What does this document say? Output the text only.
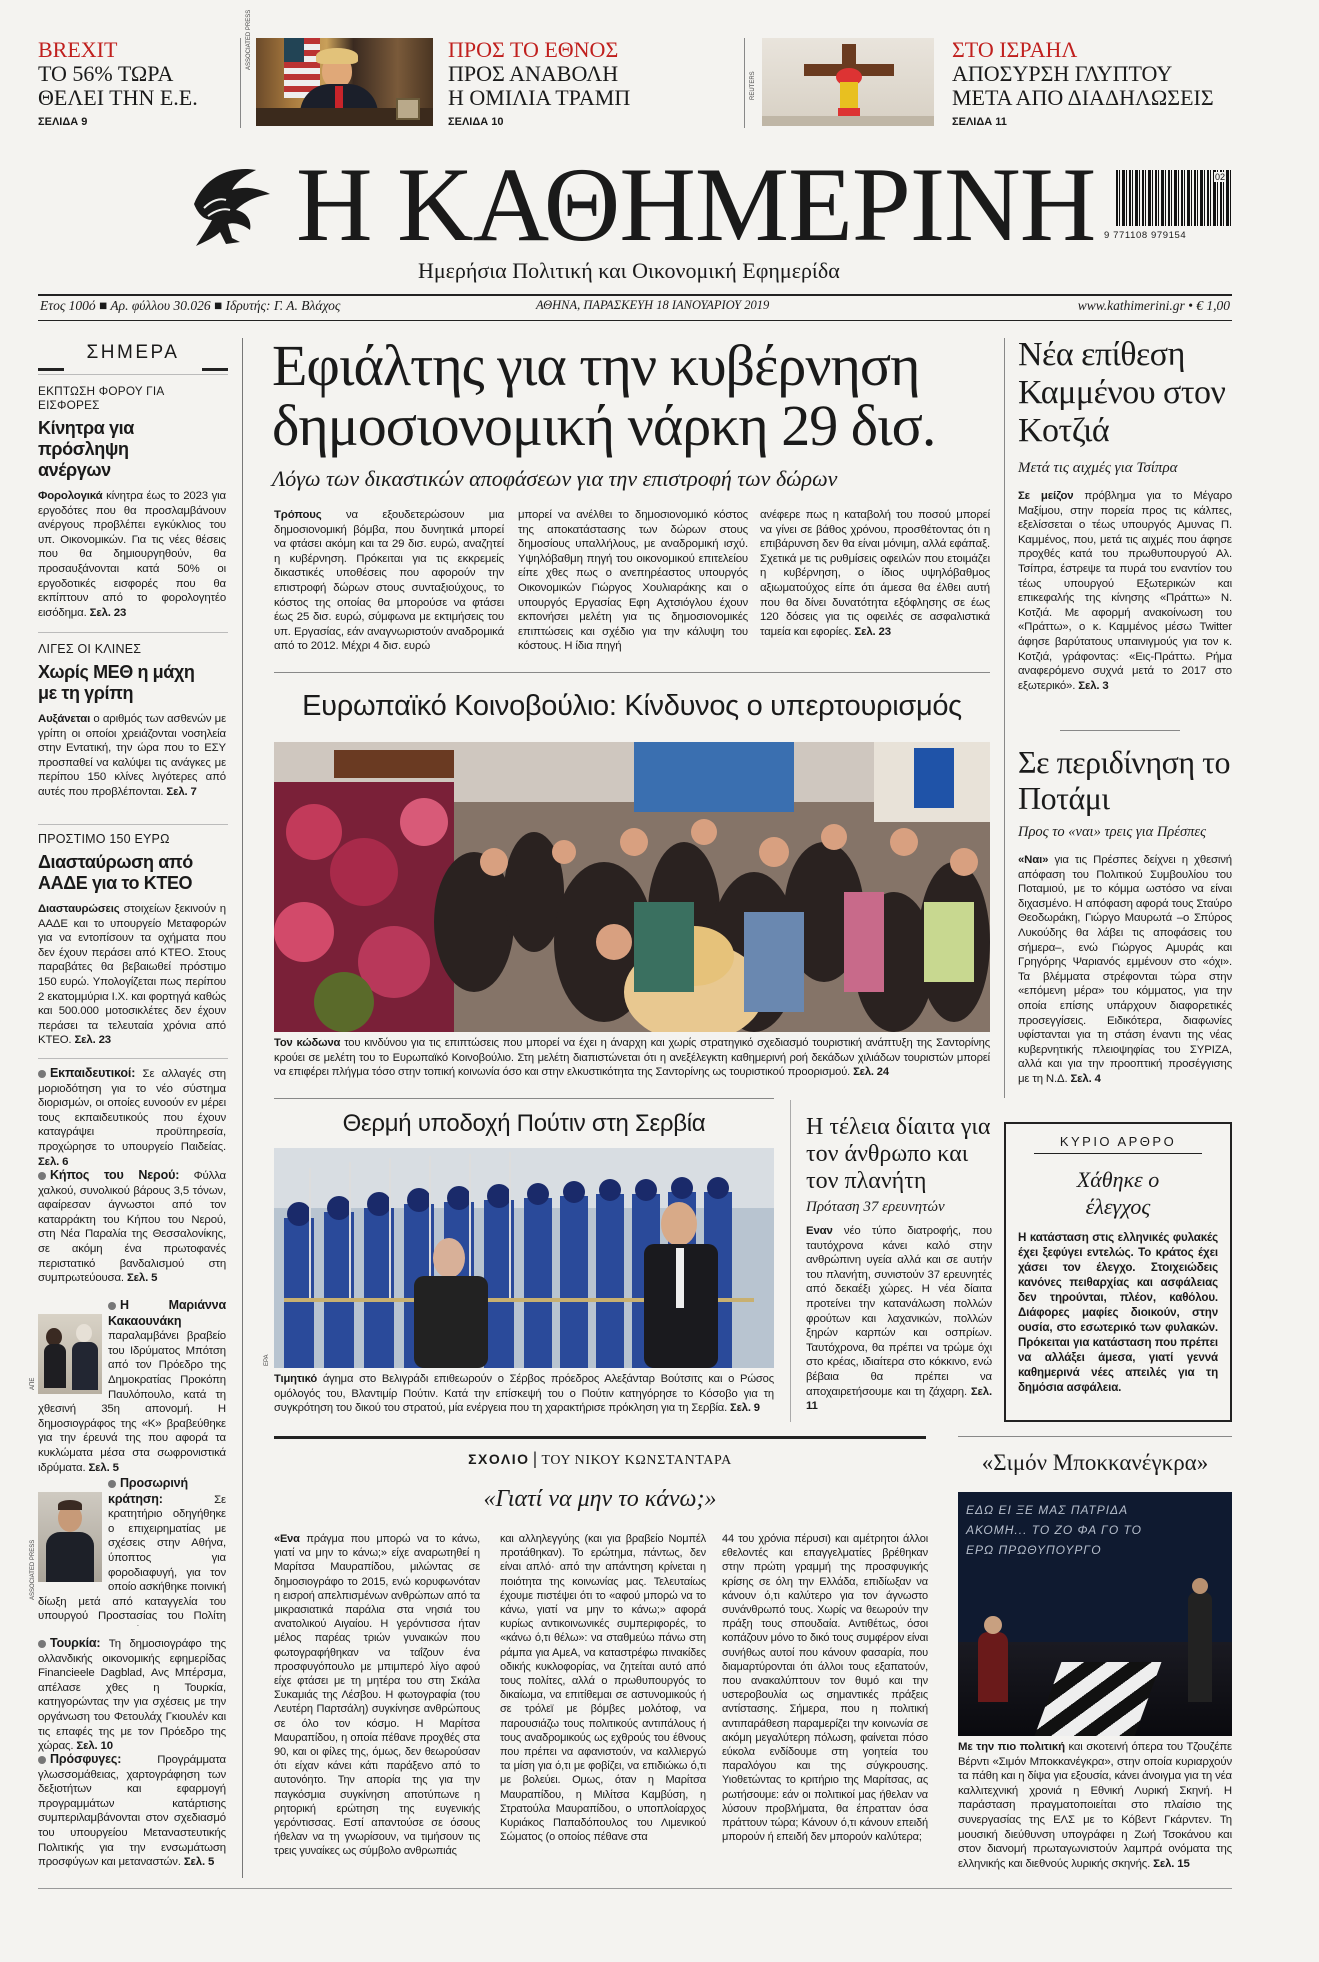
BREXIT
ΤΟ 56% ΤΩΡΑ
ΘΕΛΕΙ ΤΗΝ Ε.Ε.
ΣΕΛΙΔΑ 9
ASSOCIATED PRESS	ΠΡΟΣ ΤΟ ΕΘΝΟΣ
ΠΡΟΣ ΑΝΑΒΟΛΗ
Η ΟΜΙΛΙΑ ΤΡΑΜΠ
ΣΕΛΙΔΑ 10
REUTERS
ΣΤΟ ΙΣΡΑΗΛ
ΑΠΟΣΥΡΣΗ ΓΛΥΠΤΟΥ
ΜΕΤΑ ΑΠΟ ΔΙΑΔΗΛΩΣΕΙΣ
ΣΕΛΙΔΑ 11
Η ΚΑΘΗΜΕΡΙΝΗ
Ημερήσια Πολιτική και Οικονομική Εφημερίδα
02
9 771108 979154
Ετος 100ό ■ Αρ. φύλλου 30.026 ■ Ιδρυτής: Γ. Α. Βλάχος	ΑΘΗΝΑ, ΠΑΡΑΣΚΕΥΗ 18 ΙΑΝΟΥΑΡΙΟΥ 2019	www.kathimerini.gr • € 1,00
ΣΗΜΕΡΑ
ΕΚΠΤΩΣΗ ΦΟΡΟΥ ΓΙΑ ΕΙΣΦΟΡΕΣ
Κίνητρα για πρόσληψη ανέργων
Φορολογικά κίνητρα έως το 2023 για εργοδότες που θα προσλαμβάνουν ανέργους προβλέπει εγκύκλιος του υπ. Οικονομικών. Για τις νέες θέσεις που θα δημιουργηθούν, θα προσαυξάνονται κατά 50% οι εργοδοτικές εισφορές που θα εκπίπτουν από το φορολογητέο εισόδημα. Σελ. 23
ΛΙΓΕΣ ΟΙ ΚΛΙΝΕΣ
Χωρίς ΜΕΘ η μάχη με τη γρίπη
Αυξάνεται ο αριθμός των ασθενών με γρίπη οι οποίοι χρειάζονται νοσηλεία στην Εντατική, την ώρα που το ΕΣΥ προσπαθεί να καλύψει τις ανάγκες με περίπου 150 κλίνες λιγότερες από αυτές που προβλέπονται. Σελ. 7
ΠΡΟΣΤΙΜΟ 150 ΕΥΡΩ
Διασταύρωση από ΑΑΔΕ για το ΚΤΕΟ
Διασταυρώσεις στοιχείων ξεκινούν η ΑΑΔΕ και το υπουργείο Μεταφορών για να εντοπίσουν τα οχήματα που δεν έχουν περάσει από ΚΤΕΟ. Στους παραβάτες θα βεβαιωθεί πρόστιμο 150 ευρώ. Υπολογίζεται πως περίπου 2 εκατομμύρια Ι.Χ. και φορτηγά καθώς και 500.000 μοτοσικλέτες δεν έχουν περάσει τα τελευταία χρόνια από ΚΤΕΟ. Σελ. 23
Εκπαιδευτικοί: Σε αλλαγές στη μοριοδότηση για το νέο σύστημα διορισμών, οι οποίες ευνοούν εν μέρει τους εκπαιδευτικούς που έχουν καταγράψει προϋπηρεσία, προχώρησε το υπουργείο Παιδείας. Σελ. 6
Κήπος του Νερού: Φύλλα χαλκού, συνολικού βάρους 3,5 τόνων, αφαίρεσαν άγνωστοι από τον καταρράκτη του Κήπου του Νερού, στη Νέα Παραλία της Θεσσαλονίκης, σε ακόμη ένα πρωτοφανές περιστατικό βανδαλισμού στη συμπρωτεύουσα. Σελ. 5
Η Μαριάννα Κακαουνάκη παραλαμβάνει βραβείο του Ιδρύματος Μπότση από τον Πρόεδρο της Δημοκρατίας Προκόπη Παυλόπουλο, κατά τη χθεσινή 35η απονομή. Η δημοσιογράφος της «Κ» βραβεύθηκε για την έρευνά της που αφορά τα κυκλώματα μέσα στα σωφρονιστικά ιδρύματα. Σελ. 5
ΑΠΕ
Προσωρινή κράτηση:	Σε κρατητήριο οδηγήθηκε ο επιχειρηματίας με σχέσεις στην Αθήνα, ύποπτος για φοροδιαφυγή, για τον οποίο ασκήθηκε ποινική δίωξη μετά από καταγγελία του υπουργού Προστασίας του Πολίτη
ASSOCIATED PRESS
Τουρκία: Τη δημοσιογράφο της ολλανδικής οικονομικής εφημερίδας Financieele Dagblad, Ανς Μπέρσμα, απέλασε χθες η Τουρκία, κατηγορώντας την για σχέσεις με την οργάνωση του Φετουλάχ Γκιουλέν και τις επαφές της με τον Πρόεδρο της χώρας. Σελ. 10
Πρόσφυγες: Προγράμματα γλωσσομάθειας, χαρτογράφηση των δεξιοτήτων και εφαρμογή προγραμμάτων κατάρτισης συμπεριλαμβάνονται στον σχεδιασμό του υπουργείου Μεταναστευτικής Πολιτικής για την ενσωμάτωση προσφύγων και μεταναστών. Σελ. 5
Εφιάλτης για την κυβέρνηση
δημοσιονομική νάρκη 29 δισ.
Λόγω των δικαστικών αποφάσεων για την επιστροφή των δώρων
Τρόπους να εξουδετερώσουν μια δημοσιονομική βόμβα, που δυνητικά μπορεί να φτάσει ακόμη και τα 29 δισ. ευρώ, αναζητεί η κυβέρνηση. Πρόκειται για τις εκκρεμείς δικαστικές υποθέσεις που αφορούν την επιστροφή δώρων στους συνταξιούχους, το κόστος της οποίας θα μπορούσε να φτάσει έως 25 δισ. ευρώ, σύμφωνα με εκτιμήσεις του υπ. Εργασίας, εάν αναγνωριστούν αναδρομικά από το 2012. Μέχρι 4 δισ. ευρώ
μπορεί να ανέλθει το δημοσιονομικό κόστος της αποκατάστασης των δώρων στους δημοσίους υπαλλήλους, με αναδρομική ισχύ. Υψηλόβαθμη πηγή του οικονομικού επιτελείου είπε χθες πως ο ανεπηρέαστος υπουργός Οικονομικών Γιώργος Χουλιαράκης και ο υπουργός Εργασίας Εφη Αχτσιόγλου έχουν εκπονήσει μελέτη για τις δημοσιονομικές επιπτώσεις και σχέδιο για την κάλυψη του κόστους. Η ίδια πηγή
ανέφερε πως η καταβολή του ποσού μπορεί να γίνει σε βάθος χρόνου, προσθέτοντας ότι η επιβάρυνση δεν θα είναι μόνιμη, αλλά εφάπαξ. Σχετικά με τις ρυθμίσεις οφειλών που ετοιμάζει η κυβέρνηση, ο ίδιος υψηλόβαθμος αξιωματούχος είπε ότι άμεσα θα έλθει αυτή που θα δίνει δυνατότητα εξόφλησης σε έως 120 δόσεις για τις οφειλές σε ασφαλιστικά ταμεία και εφορίες. Σελ. 23
Ευρωπαϊκό Κοινοβούλιο: Κίνδυνος ο υπερτουρισμός
Τον κώδωνα του κινδύνου για τις επιπτώσεις που μπορεί να έχει η άναρχη και χωρίς στρατηγικό σχεδιασμό τουριστική ανάπτυξη της Σαντορίνης κρούει σε μελέτη του το Ευρωπαϊκό Κοινοβούλιο. Στη μελέτη διαπιστώνεται ότι η ανεξέλεγκτη καθημερινή ροή δεκάδων χιλιάδων τουριστών μπορεί να επιφέρει πλήγμα τόσο στην τοπική κοινωνία όσο και στην ελκυστικότητα της Σαντορίνης ως τουριστικού προορισμού. Σελ. 24
Θερμή υποδοχή Πούτιν στη Σερβία
EPA
Τιμητικό άγημα στο Βελιγράδι επιθεωρούν ο Σέρβος πρόεδρος Αλεξάνταρ Βούτσιτς και ο Ρώσος ομόλογός του, Βλαντιμίρ Πούτιν. Κατά την επίσκεψή του ο Πούτιν κατηγόρησε το Κόσοβο για τη συγκρότηση του δικού του στρατού, μία ενέργεια που τη χαρακτήρισε πρόκληση για τη Σερβία. Σελ. 9
Η τέλεια δίαιτα για τον άνθρωπο και τον πλανήτη
Πρόταση 37 ερευνητών
Εναν νέο τύπο διατροφής, που ταυτόχρονα κάνει καλό στην ανθρώπινη υγεία αλλά και σε αυτήν του πλανήτη, συνιστούν 37 ερευνητές από δεκαέξι χώρες. Η νέα δίαιτα προτείνει την κατανάλωση πολλών φρούτων και λαχανικών, πολλών ξηρών καρπών και οσπρίων. Ταυτόχρονα, θα πρέπει να τρώμε όχι στο κρέας, ιδιαίτερα στο κόκκινο, ενώ βέβαια θα πρέπει να αποχαιρετήσουμε και τη ζάχαρη. Σελ. 11
Νέα επίθεση Καμμένου στον Κοτζιά
Μετά τις αιχμές για Τσίπρα
Σε μείζον πρόβλημα για το Μέγαρο Μαξίμου, στην πορεία προς τις κάλπες, εξελίσσεται ο τέως υπουργός Αμυνας Π. Καμμένος, που, μετά τις αιχμές που άφησε προχθές κατά του πρωθυπουργού Αλ. Τσίπρα, έστρεψε τα πυρά του εναντίον του τέως υπουργού Εξωτερικών και επικεφαλής της κίνησης «Πράττω» Ν. Κοτζιά. Με αφορμή ανακοίνωση του «Πράττω», ο κ. Καμμένος μέσω Twitter άφησε βαρύτατους υπαινιγμούς για τον κ. Κοτζιά, γράφοντας: «Εις-Πράττω. Ρήμα αναφερόμενο συχνά μετά το 2017 στο εξωτερικό». Σελ. 3
Σε περιδίνηση το Ποτάμι
Προς το «ναι» τρεις για Πρέσπες
«Ναι» για τις Πρέσπες δείχνει η χθεσινή απόφαση του Πολιτικού Συμβουλίου του Ποταμιού, με το κόμμα ωστόσο να είναι διχασμένο. Η απόφαση αφορά τους Σταύρο Θεοδωράκη, Γιώργο Μαυρωτά –ο Σπύρος Λυκούδης θα λάβει τις αποφάσεις του σήμερα–, ενώ Γιώργος Αμυράς και Γρηγόρης Ψαριανός εμμένουν στο «όχι». Τα βλέμματα στρέφονται τώρα στην «επόμενη μέρα» του κόμματος, για την οποία επίσης υπάρχουν διαφορετικές προσεγγίσεις. Ειδικότερα, διαφωνίες υφίστανται για τη στάση έναντι της νέας κυβερνητικής πλειοψηφίας του ΣΥΡΙΖΑ, αλλά και για την προοπτική προσέγγισης με τη Ν.Δ. Σελ. 4
ΚΥΡΙΟ ΑΡΘΡΟ
Χάθηκε ο έλεγχος
Η κατάσταση στις ελληνικές φυλακές έχει ξεφύγει εντελώς. Το κράτος έχει χάσει τον έλεγχο. Στοιχειώδεις κανόνες πειθαρχίας και ασφάλειας δεν τηρούνται, πλέον, καθόλου. Διάφορες μαφίες διοικούν, στην ουσία, στο εσωτερικό των φυλακών. Πρόκειται για κατάσταση που πρέπει να αλλάξει άμεσα, γιατί γεννά καθημερινά νέες απειλές για τη δημόσια ασφάλεια.
ΣΧΟΛΙΟ | ΤΟΥ ΝΙΚΟΥ ΚΩΝΣΤΑΝΤΑΡΑ
«Γιατί να μην το κάνω;»
«Ενα πράγμα που μπορώ να το κάνω, γιατί να μην το κάνω;» είχε αναρωτηθεί η Μαρίτσα Μαυραπίδου, μιλώντας σε δημοσιογράφο το 2015, ενώ κορυφωνόταν η εισροή απελπισμένων ανθρώπων από τα μικρασιατικά παράλια στα νησιά του ανατολικού Αιγαίου. Η γερόντισσα ήταν μέλος παρέας τριών γυναικών που φωτογραφήθηκαν να ταΐζουν ένα προσφυγόπουλο με μπιμπερό λίγο αφού είχε φτάσει με τη μητέρα του στη Σκάλα Συκαμιάς της Λέσβου. Η φωτογραφία (του Λευτέρη Παρτσάλη) συγκίνησε ανθρώπους σε όλο τον κόσμο. Η Μαρίτσα Μαυραπίδου, η οποία πέθανε προχθές στα 90, και οι φίλες της, όμως, δεν θεωρούσαν ότι είχαν κάνει κάτι παράξενο από το αυτονόητο. Την απορία της για την παγκόσμια συγκίνηση αποτύπωνε η ρητορική ερώτηση της ευγενικής γερόντισσας. Εστί απαντούσε σε όσους ήθελαν να τη γνωρίσουν, να τιμήσουν τις τρεις γυναίκες ως σύμβολο ανθρωπιάς
και αλληλεγγύης (και για βραβείο Νομπέλ προτάθηκαν). Το ερώτημα, πάντως, δεν είναι απλό· από την απάντηση κρίνεται η ποιότητα της κοινωνίας μας. Τελευταίως έχουμε πιστέψει ότι το «αφού μπορώ να το κάνω, γιατί να μην το κάνω;» αφορά κυρίως αντικοινωνικές συμπεριφορές, το «κάνω ό,τι θέλω»: να σταθμεύω πάνω στη ράμπα για ΑμεΑ, να καταστρέφω πινακίδες οδικής κυκλοφορίας, να ζητείται αυτό από τους πολίτες, αλλά ο πρωθυπουργός το δικαίωμα, να επιτίθεμαι σε αστυνομικούς ή σε τρόλεϊ με βόμβες μολότοφ, να παρουσιάζω τους πολιτικούς αντιπάλους ή τους αναδρομικούς ως εχθρούς του έθνους που πρέπει να αφανιστούν, να καλλιεργώ τα μίση για ό,τι με φοβίζει, να επιδιώκω ό,τι με βολεύει. Ομως, όταν η Μαρίτσα Μαυραπίδου, η Μιλίτσα Καμβύση, η Στρατούλα Μαυραπίδου, ο υποπλοίαρχος Κυριάκος Παπαδόπουλος του Λιμενικού Σώματος (ο οποίος πέθανε στα
44 του χρόνια πέρυσι) και αμέτρητοι άλλοι εθελοντές και επαγγελματίες βρέθηκαν στην πρώτη γραμμή της προσφυγικής κρίσης σε όλη την Ελλάδα, επιδίωξαν να κάνουν ό,τι καλύτερο για τον άγνωστο συνάνθρωπό τους. Χωρίς να θεωρούν την πράξη τους σπουδαία. Αντιθέτως, όσοι κοπάζουν μόνο το δικό τους συμφέρον είναι συνήθως αυτοί που κάνουν φασαρία, που διαμαρτύρονται ότι άλλοι τους εξαπατούν, που ανακαλύπτουν τον θυμό και την υστεροβουλία ως σημαντικές πράξεις αντίστασης. Σήμερα, που η πολιτική αντιπαράθεση παραμερίζει την κοινωνία σε ακόμη μεγαλύτερη πόλωση, φαίνεται πόσο εύκολα ενδίδουμε στη γοητεία του παραλόγου και της σύγκρουσης. Υιοθετώντας το κριτήριο της Μαρίτσας, ας ρωτήσουμε: εάν οι πολιτικοί μας ήθελαν να λύσουν προβλήματα, θα έπρατταν όσα πράττουν τώρα; Κάνουν ό,τι κάνουν επειδή μπορούν ή επειδή δεν μπορούν καλύτερα;
«Σιμόν Μποκκανέγκρα»
ΕΔΩ ΕΙ ΞΕ ΜΑΣ ΠΑΤΡΙΔΑ ΑΚΟΜΗ... ΤΟ ΖΟ ΦΑ ΓΟ ΤΟ ΕΡΩ ΠΡΩΘΥΠΟΥΡΓΟ
Με την πιο πολιτική και σκοτεινή όπερα του Τζουζέπε Βέρντι «Σιμόν Μποκκανέγκρα», στην οποία κυριαρχούν τα πάθη και η δίψα για εξουσία, κάνει άνοιγμα για τη νέα καλλιτεχνική χρονιά η Εθνική Λυρική Σκηνή. Η παράσταση πραγματοποιείται στο πλαίσιο της συνεργασίας της ΕΛΣ με το Κόβεντ Γκάρντεν. Τη μουσική διεύθυνση υπογράφει η Ζωή Τσοκάνου και στον διανομή πρωταγωνιστούν λαμπρά ονόματα της ελληνικής και διεθνούς λυρικής σκηνής. Σελ. 15
